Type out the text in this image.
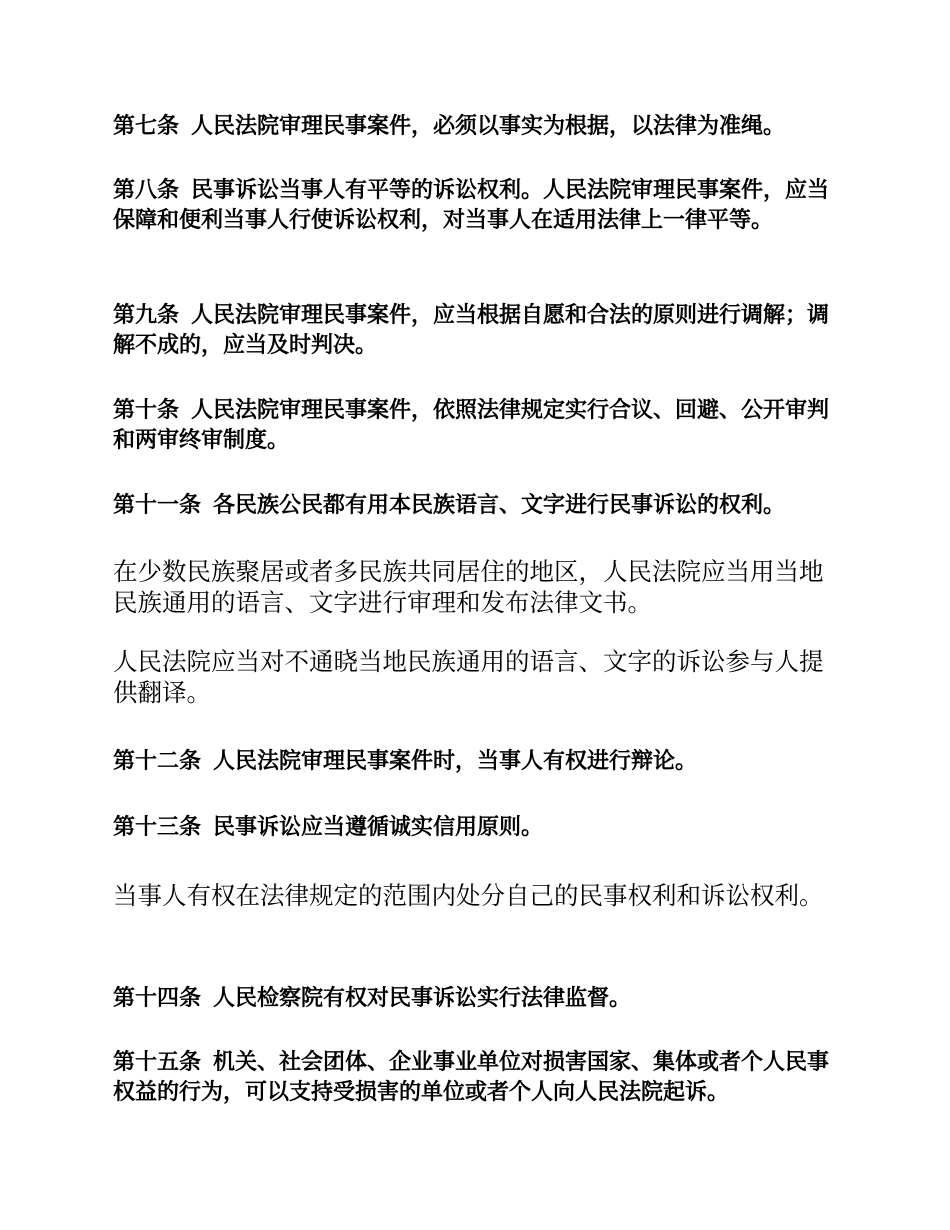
第七条 人民法院审理民事案件，必须以事实为根据，以法律为准绳。

第八条 民事诉讼当事人有平等的诉讼权利。人民法院审理民事案件，应当保障和便利当事人行使诉讼权利，对当事人在适用法律上一律平等。

第九条 人民法院审理民事案件，应当根据自愿和合法的原则进行调解；调解不成的，应当及时判决。

第十条 人民法院审理民事案件，依照法律规定实行合议、回避、公开审判和两审终审制度。

第十一条 各民族公民都有用本民族语言、文字进行民事诉讼的权利。

在少数民族聚居或者多民族共同居住的地区，人民法院应当用当地民族通用的语言、文字进行审理和发布法律文书。

人民法院应当对不通晓当地民族通用的语言、文字的诉讼参与人提供翻译。

第十二条 人民法院审理民事案件时，当事人有权进行辩论。

第十三条 民事诉讼应当遵循诚实信用原则。

当事人有权在法律规定的范围内处分自己的民事权利和诉讼权利。

第十四条 人民检察院有权对民事诉讼实行法律监督。

第十五条 机关、社会团体、企业事业单位对损害国家、集体或者个人民事权益的行为，可以支持受损害的单位或者个人向人民法院起诉。
